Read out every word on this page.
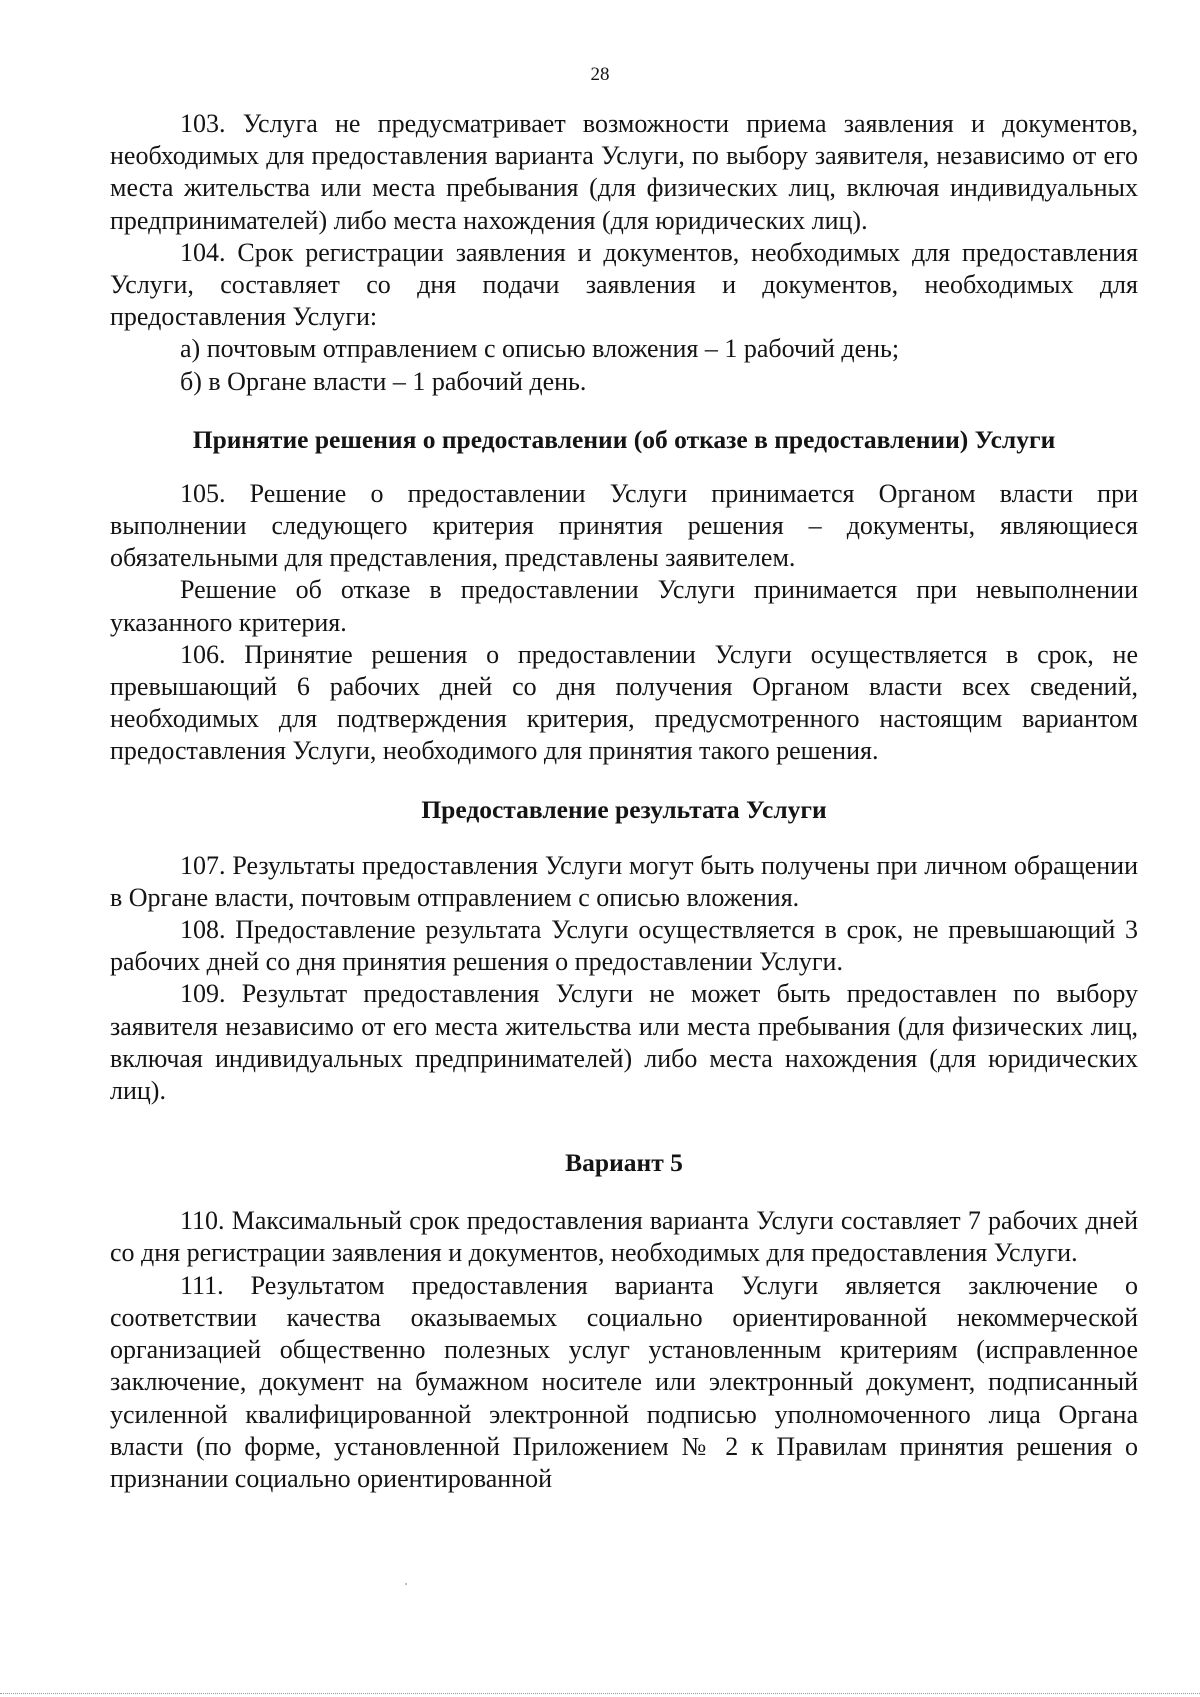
28

103. Услуга не предусматривает возможности приема заявления и документов, необходимых для предоставления варианта Услуги, по выбору заявителя, независимо от его места жительства или места пребывания (для физических лиц, включая индивидуальных предпринимателей) либо места нахождения (для юридических лиц).

104. Срок регистрации заявления и документов, необходимых для предоставления Услуги, составляет со дня подачи заявления и документов, необходимых для предоставления Услуги:

а) почтовым отправлением с описью вложения – 1 рабочий день;

б) в Органе власти – 1 рабочий день.

Принятие решения о предоставлении (об отказе в предоставлении) Услуги

105. Решение о предоставлении Услуги принимается Органом власти при выполнении следующего критерия принятия решения – документы, являющиеся обязательными для представления, представлены заявителем.

Решение об отказе в предоставлении Услуги принимается при невыполнении указанного критерия.

106. Принятие решения о предоставлении Услуги осуществляется в срок, не превышающий 6 рабочих дней со дня получения Органом власти всех сведений, необходимых для подтверждения критерия, предусмотренного настоящим вариантом предоставления Услуги, необходимого для принятия такого решения.

Предоставление результата Услуги

107. Результаты предоставления Услуги могут быть получены при личном обращении в Органе власти, почтовым отправлением с описью вложения.

108. Предоставление результата Услуги осуществляется в срок, не превышающий 3 рабочих дней со дня принятия решения о предоставлении Услуги.

109. Результат предоставления Услуги не может быть предоставлен по выбору заявителя независимо от его места жительства или места пребывания (для физических лиц, включая индивидуальных предпринимателей) либо места нахождения (для юридических лиц).

Вариант 5

110. Максимальный срок предоставления варианта Услуги составляет 7 рабочих дней со дня регистрации заявления и документов, необходимых для предоставления Услуги.

111. Результатом предоставления варианта Услуги является заключение о соответствии качества оказываемых социально ориентированной некоммерческой организацией общественно полезных услуг установленным критериям (исправленное заключение, документ на бумажном носителе или электронный документ, подписанный усиленной квалифицированной электронной подписью уполномоченного лица Органа власти (по форме, установленной Приложением № 2 к Правилам принятия решения о признании социально ориентированной
